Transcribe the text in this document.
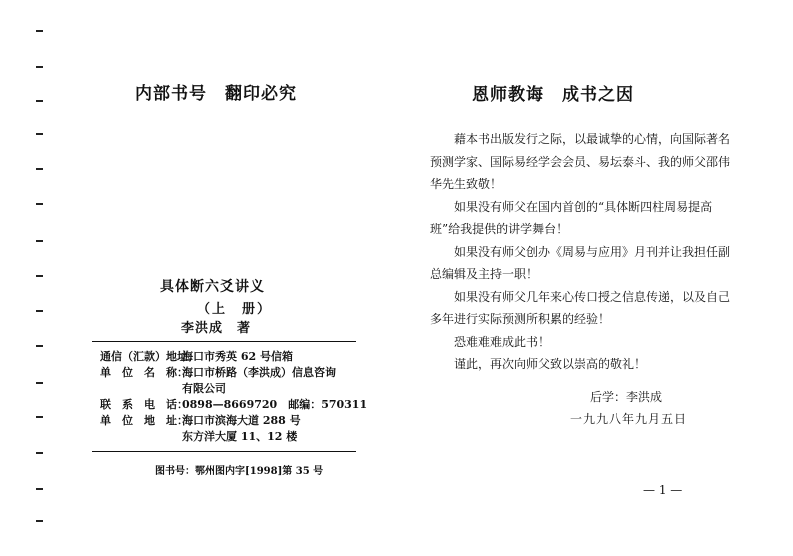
内部书号　翻印必究
具体断六爻讲义
（上　册）
李洪成　著
通信（汇款）地址：
海口市秀英 62 号信箱
单　位　名　称：
海口市桥路（李洪成）信息咨询
有限公司
联　系　电　话：
0898—8669720　邮编：570311
单　位　地　址：
海口市滨海大道 288 号
东方洋大厦 11、12 楼
图书号：鄂州图内字[1998]第 35 号
恩师教诲　成书之因

藉本书出版发行之际，以最诚挚的心情，向国际著名预测学家、国际易经学会会员、易坛泰斗、我的师父邵伟华先生致敬！

如果没有师父在国内首创的“具体断四柱周易提高班”给我提供的讲学舞台！

如果没有师父创办《周易与应用》月刊并让我担任副总编辑及主持一职！

如果没有师父几年来心传口授之信息传递，以及自己多年进行实际预测所积累的经验！

恐难难难成此书！

谨此，再次向师父致以崇高的敬礼！

后学：李洪成
一九九八年九月五日
— 1 —
